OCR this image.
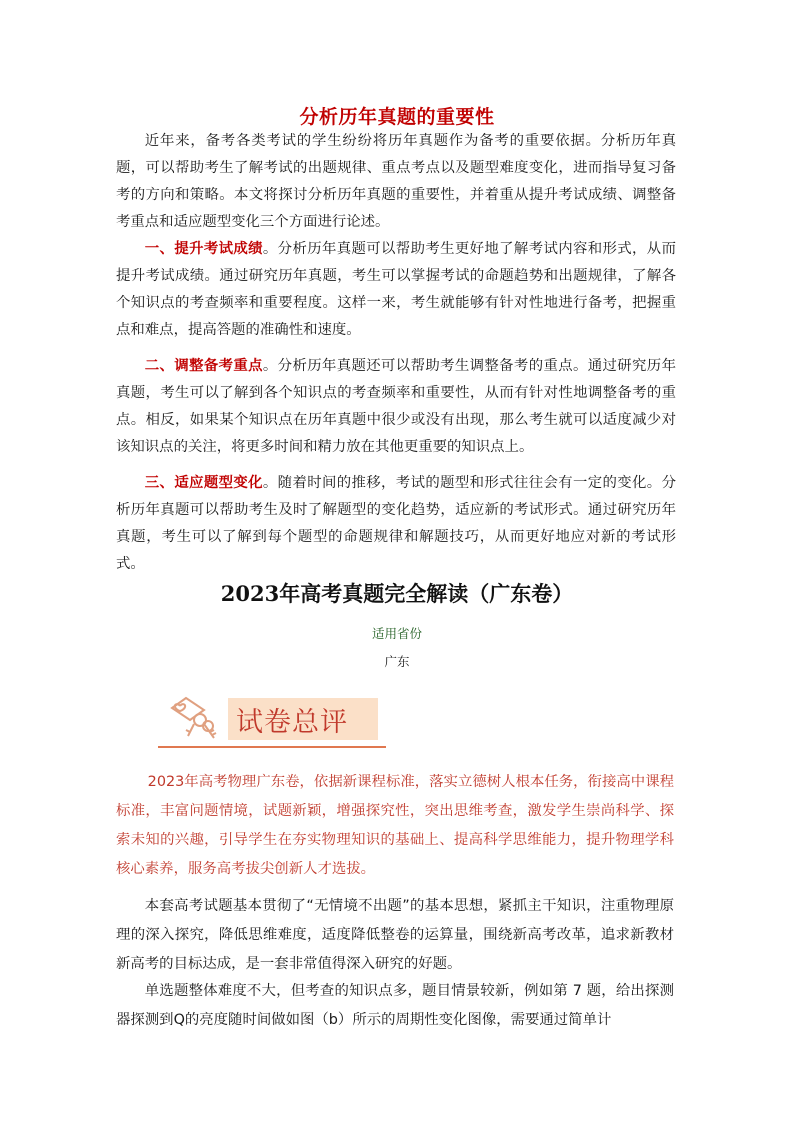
分析历年真题的重要性

近年来，备考各类考试的学生纷纷将历年真题作为备考的重要依据。分析历年真题，可以帮助考生了解考试的出题规律、重点考点以及题型难度变化，进而指导复习备考的方向和策略。本文将探讨分析历年真题的重要性，并着重从提升考试成绩、调整备考重点和适应题型变化三个方面进行论述。

一、提升考试成绩。分析历年真题可以帮助考生更好地了解考试内容和形式，从而提升考试成绩。通过研究历年真题，考生可以掌握考试的命题趋势和出题规律，了解各个知识点的考查频率和重要程度。这样一来，考生就能够有针对性地进行备考，把握重点和难点，提高答题的准确性和速度。

二、调整备考重点。分析历年真题还可以帮助考生调整备考的重点。通过研究历年真题，考生可以了解到各个知识点的考查频率和重要性，从而有针对性地调整备考的重点。相反，如果某个知识点在历年真题中很少或没有出现，那么考生就可以适度减少对该知识点的关注，将更多时间和精力放在其他更重要的知识点上。

三、适应题型变化。随着时间的推移，考试的题型和形式往往会有一定的变化。分析历年真题可以帮助考生及时了解题型的变化趋势，适应新的考试形式。通过研究历年真题，考生可以了解到每个题型的命题规律和解题技巧，从而更好地应对新的考试形式。

2023年高考真题完全解读（广东卷）
适用省份
广东
试卷总评

2023年高考物理广东卷，依据新课程标准，落实立德树人根本任务，衔接高中课程标准，丰富问题情境，试题新颖，增强探究性，突出思维考查，激发学生崇尚科学、探索未知的兴趣，引导学生在夯实物理知识的基础上、提高科学思维能力，提升物理学科核心素养，服务高考拔尖创新人才选拔。

本套高考试题基本贯彻了“无情境不出题”的基本思想，紧抓主干知识，注重物理原理的深入探究，降低思维难度，适度降低整卷的运算量，围绕新高考改革，追求新教材新高考的目标达成，是一套非常值得深入研究的好题。

单选题整体难度不大，但考查的知识点多，题目情景较新，例如第 7 题，给出探测器探测到Q的亮度随时间做如图（b）所示的周期性变化图像，需要通过简单计
